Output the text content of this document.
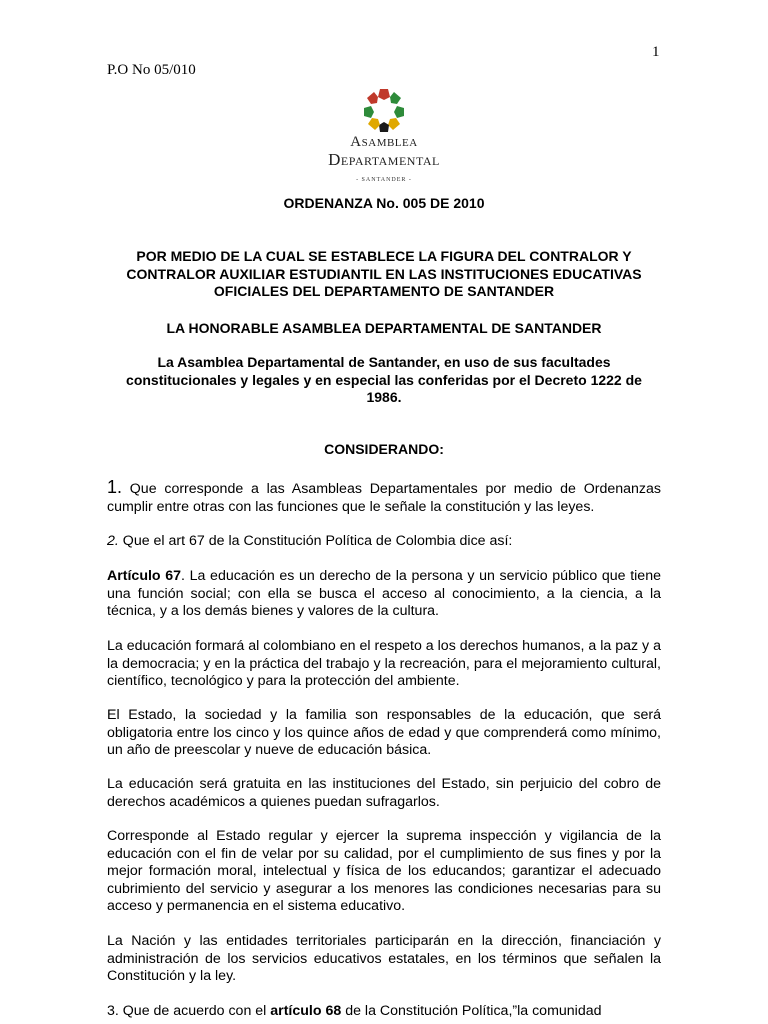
1
P.O No 05/010
Asamblea
Departamental
- SANTANDER -
ORDENANZA No. 005 DE 2010
POR MEDIO DE LA CUAL SE ESTABLECE LA FIGURA DEL CONTRALOR Y CONTRALOR AUXILIAR ESTUDIANTIL EN LAS INSTITUCIONES EDUCATIVAS OFICIALES DEL DEPARTAMENTO DE SANTANDER
LA HONORABLE ASAMBLEA DEPARTAMENTAL DE SANTANDER
La Asamblea Departamental de Santander, en uso de sus facultades constitucionales y legales y en especial las conferidas por el Decreto 1222 de 1986.
CONSIDERANDO:
1. Que corresponde a las Asambleas Departamentales por medio de Ordenanzas cumplir entre otras con las funciones que le señale la constitución y las leyes.
2. Que el art 67 de la Constitución Política de Colombia dice así:
Artículo 67. La educación es un derecho de la persona y un servicio público que tiene una función social; con ella se busca el acceso al conocimiento, a la ciencia, a la técnica, y a los demás bienes y valores de la cultura.
La educación formará al colombiano en el respeto a los derechos humanos, a la paz y a la democracia; y en la práctica del trabajo y la recreación, para el mejoramiento cultural, científico, tecnológico y para la protección del ambiente.
El Estado, la sociedad y la familia son responsables de la educación, que será obligatoria entre los cinco y los quince años de edad y que comprenderá como mínimo, un año de preescolar y nueve de educación básica.
La educación será gratuita en las instituciones del Estado, sin perjuicio del cobro de derechos académicos a quienes puedan sufragarlos.
Corresponde al Estado regular y ejercer la suprema inspección y vigilancia de la educación con el fin de velar por su calidad, por el cumplimiento de sus fines y por la mejor formación moral, intelectual y física de los educandos; garantizar el adecuado cubrimiento del servicio y asegurar a los menores las condiciones necesarias para su acceso y permanencia en el sistema educativo.
La Nación y las entidades territoriales participarán en la dirección, financiación y administración de los servicios educativos estatales, en los términos que señalen la Constitución y la ley.
3. Que de acuerdo con el artículo 68 de la Constitución Política,”la comunidad
